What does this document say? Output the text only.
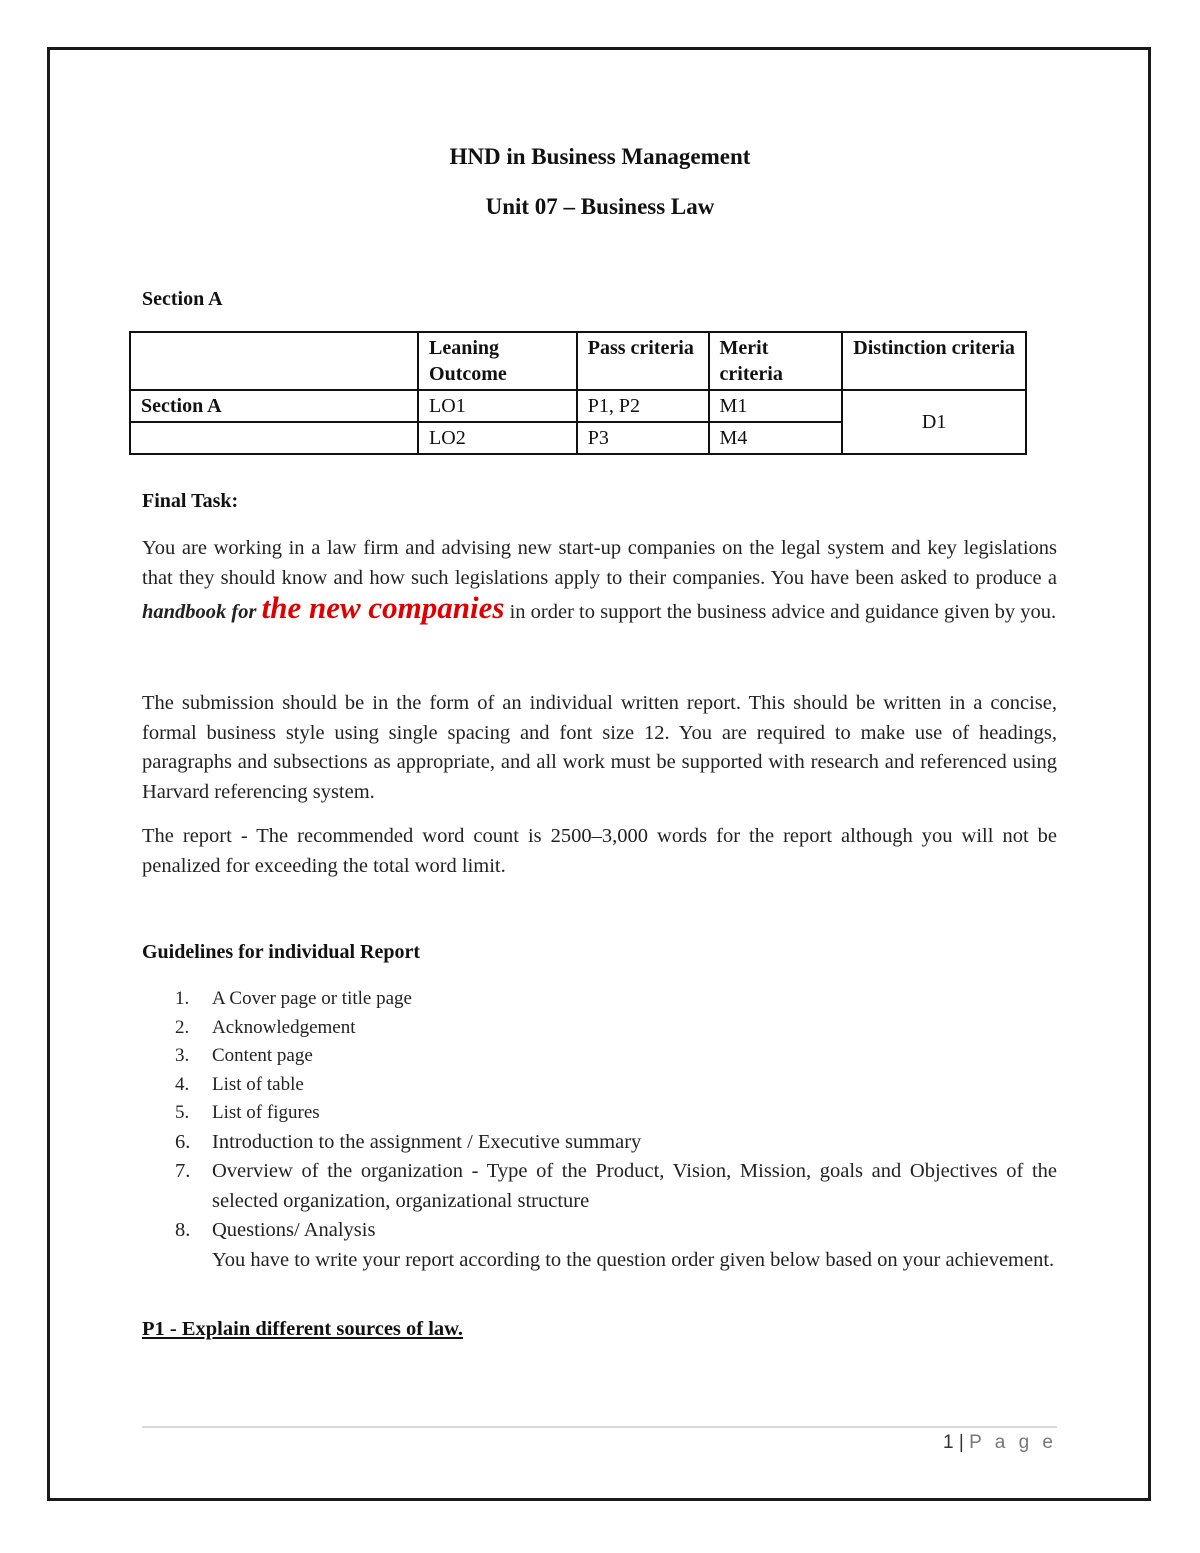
HND in Business Management
Unit 07 – Business Law
Section A
	Leaning Outcome	Pass criteria	Merit criteria	Distinction criteria
Section A	LO1	P1, P2	M1	D1
	LO2	P3	M4	
Final Task:
You are working in a law firm and advising new start-up companies on the legal system and key legislations that they should know and how such legislations apply to their companies. You have been asked to produce a handbook for the new companies in order to support the business advice and guidance given by you.
The submission should be in the form of an individual written report. This should be written in a concise, formal business style using single spacing and font size 12. You are required to make use of headings, paragraphs and subsections as appropriate, and all work must be supported with research and referenced using Harvard referencing system.
The report - The recommended word count is 2500–3,000 words for the report although you will not be penalized for exceeding the total word limit.
Guidelines for individual Report
1. A Cover page or title page
2. Acknowledgement
3. Content page
4. List of table
5. List of figures
6. Introduction to the assignment / Executive summary
7. Overview of the organization - Type of the Product, Vision, Mission, goals and Objectives of the selected organization, organizational structure
8. Questions/ Analysis
You have to write your report according to the question order given below based on your achievement.
P1 - Explain different sources of law.
1 | P a g e
